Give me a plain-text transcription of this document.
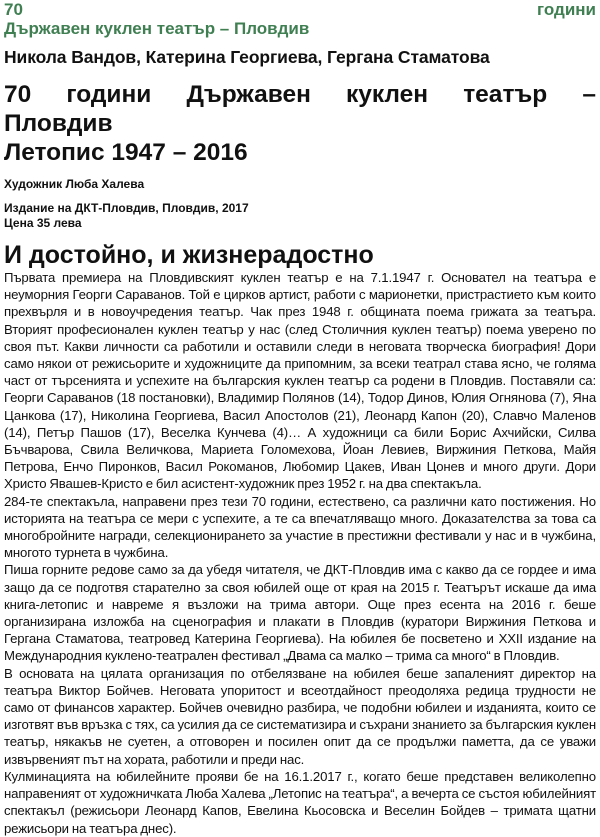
70	години
Държавен куклен театър – Пловдив
Никола Вандов, Катерина Георгиева, Гергана Стаматова
70 години Държавен куклен театър –
Пловдив
Летопис 1947 – 2016
Художник Люба Халева
Издание на ДКТ-Пловдив, Пловдив, 2017
Цена 35 лева
И достойно, и жизнерадостно

Първата премиера на Пловдивският куклен театър е на 7.1.1947 г. Основател на театъра е неуморния Георги Сараванов. Той е цирков артист, работи с марионетки, пристрастието към които прехвърля и в новоучредения театър. Чак през 1948 г. общината поема грижата за театъра. Вторият професионален куклен театър у нас (след Столичния куклен театър) поема уверено по своя път. Какви личности са работили и оставили следи в неговата творческа биография! Дори само някои от режисьорите и художниците да припомним, за всеки театрал става ясно, че голяма част от търсенията и успехите на българския куклен театър са родени в Пловдив. Поставяли са: Георги Сараванов (18 постановки), Владимир Полянов (14), Тодор Динов, Юлия Огнянова (7), Яна Цанкова (17), Николина Георгиева, Васил Апостолов (21), Леонард Капон (20), Славчо Маленов (14), Петър Пашов (17), Веселка Кунчева (4)… А художници са били Борис Ахчийски, Силва Бъчварова, Свила Величкова, Мариета Голомехова, Йоан Левиев, Виржиния Петкова, Майя Петрова, Енчо Пиронков, Васил Рокоманов, Любомир Цакев, Иван Цонев и много други. Дори Христо Явашев-Кристо е бил асистент-художник през 1952 г. на два спектакъла.

284-те спектакъла, направени през тези 70 години, естествено, са различни като постижения. Но историята на театъра се мери с успехите, а те са впечатляващо много. Доказателства за това са многобройните награди, селекционирането за участие в престижни фестивали у нас и в чужбина, многото турнета в чужбина.

Пиша горните редове само за да убедя читателя, че ДКТ-Пловдив има с какво да се гордее и има защо да се подготвя старателно за своя юбилей още от края на 2015 г. Театърът искаше да има книга-летопис и навреме я възложи на трима автори. Още през есента на 2016 г. беше организирана изложба на сценография и плакати в Пловдив (куратори Виржиния Петкова и Гергана Стаматова, театровед Катерина Георгиева). На юбилея бе посветено и XXII издание на Международния куклено-театрален фестивал „Двама са малко – трима са много“ в Пловдив.

В основата на цялата организация по отбелязване на юбилея беше запаленият директор на театъра Виктор Бойчев. Неговата упоритост и всеотдайност преодоляха редица трудности не само от финансов характер. Бойчев очевидно разбира, че подобни юбилеи и изданията, които се изготвят във връзка с тях, са усилия да се систематизира и съхрани знанието за българския куклен театър, някакъв не суетен, а отговорен и посилен опит да се продължи паметта, да се уважи извървеният път на хората, работили и преди нас.

Кулминацията на юбилейните прояви бе на 16.1.2017 г., когато беше представен великолепно направеният от художничката Люба Халева „Летопис на театъра“, а вечерта се състоя юбилейният спектакъл (режисьори Леонард Капов, Евелина Кьосовска и Веселин Бойдев – тримата щатни режисьори на театъра днес).
